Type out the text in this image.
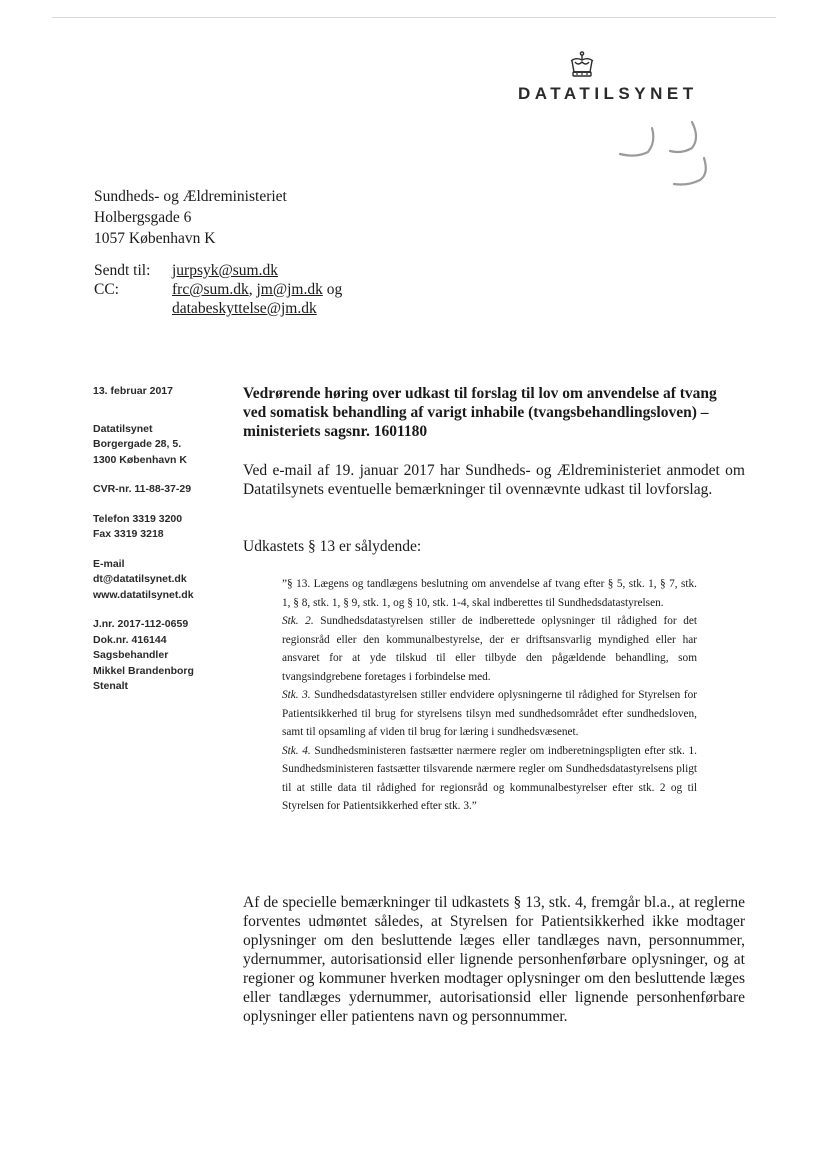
DATATILSYNET
Sundheds- og Ældreministeriet
Holbergsgade 6
1057 København K
Sendt til:	jurpsyk@sum.dk
CC:	frc@sum.dk, jm@jm.dk og
databeskyttelse@jm.dk
13. februar 2017
Datatilsynet
Borgergade 28, 5.
1300 København K
CVR-nr. 11-88-37-29
Telefon 3319 3200
Fax 3319 3218
E-mail
dt@datatilsynet.dk
www.datatilsynet.dk
J.nr. 2017-112-0659
Dok.nr. 416144
Sagsbehandler
Mikkel Brandenborg
Stenalt

Vedrørende høring over udkast til forslag til lov om anvendelse af tvang ved somatisk behandling af varigt inhabile (tvangsbehandlingsloven) – ministeriets sagsnr. 1601180

Ved e-mail af 19. januar 2017 har Sundheds- og Ældreministeriet anmodet om Datatilsynets eventuelle bemærkninger til ovennævnte udkast til lovforslag.

Udkastets § 13 er sålydende:

”§ 13. Lægens og tandlægens beslutning om anvendelse af tvang efter § 5, stk. 1, § 7, stk. 1, § 8, stk. 1, § 9, stk. 1, og § 10, stk. 1-4, skal indberettes til Sundhedsdatastyrelsen.

Stk. 2. Sundhedsdatastyrelsen stiller de indberettede oplysninger til rådighed for det regionsråd eller den kommunalbestyrelse, der er driftsansvarlig myndighed eller har ansvaret for at yde tilskud til eller tilbyde den pågældende behandling, som tvangsindgrebene foretages i forbindelse med.

Stk. 3. Sundhedsdatastyrelsen stiller endvidere oplysningerne til rådighed for Styrelsen for Patientsikkerhed til brug for styrelsens tilsyn med sundhedsområdet efter sundhedsloven, samt til opsamling af viden til brug for læring i sundhedsvæsenet.

Stk. 4. Sundhedsministeren fastsætter nærmere regler om indberetningspligten efter stk. 1. Sundhedsministeren fastsætter tilsvarende nærmere regler om Sundhedsdatastyrelsens pligt til at stille data til rådighed for regionsråd og kommunalbestyrelser efter stk. 2 og til Styrelsen for Patientsikkerhed efter stk. 3.”

Af de specielle bemærkninger til udkastets § 13, stk. 4, fremgår bl.a., at reglerne forventes udmøntet således, at Styrelsen for Patientsikkerhed ikke modtager oplysninger om den besluttende læges eller tandlæges navn, personnummer, ydernummer, autorisationsid eller lignende personhenførbare oplysninger, og at regioner og kommuner hverken modtager oplysninger om den besluttende læges eller tandlæges ydernummer, autorisationsid eller lignende personhenførbare oplysninger eller patientens navn og personnummer.
